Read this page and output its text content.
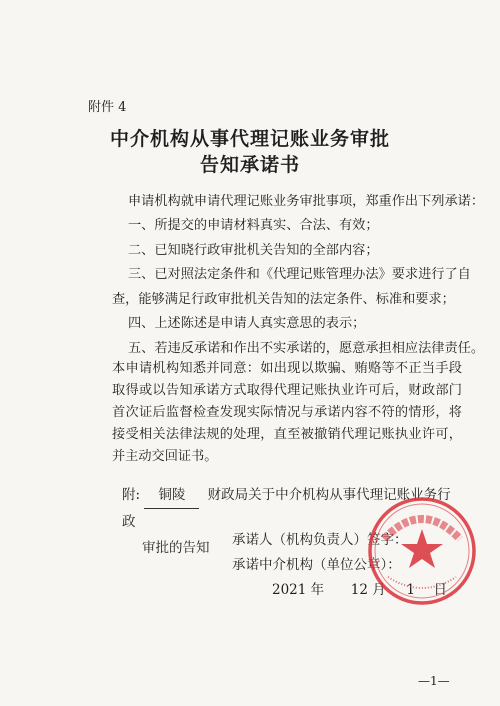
附件 4
中介机构从事代理记账业务审批
告知承诺书
申请机构就申请代理记账业务审批事项，郑重作出下列承诺：
一、所提交的申请材料真实、合法、有效；
二、已知晓行政审批机关告知的全部内容；
三、已对照法定条件和《代理记账管理办法》要求进行了自
查，能够满足行政审批机关告知的法定条件、标准和要求；
四、上述陈述是申请人真实意思的表示；
五、若违反承诺和作出不实承诺的，愿意承担相应法律责任。
本申请机构知悉并同意：如出现以欺骗、贿赂等不正当手段取得或以告知承诺方式取得代理记账执业许可后，财政部门首次证后监督检查发现实际情况与承诺内容不符的情形，将接受相关法律法规的处理，直至被撤销代理记账执业许可，并主动交回证书。
附: 铜陵 财政局关于中介机构从事代理记账业务行政
审批的告知	承诺人（机构负责人）签字：
承诺中介机构（单位公章）：
2021 年 12 月 1 日
—1—
